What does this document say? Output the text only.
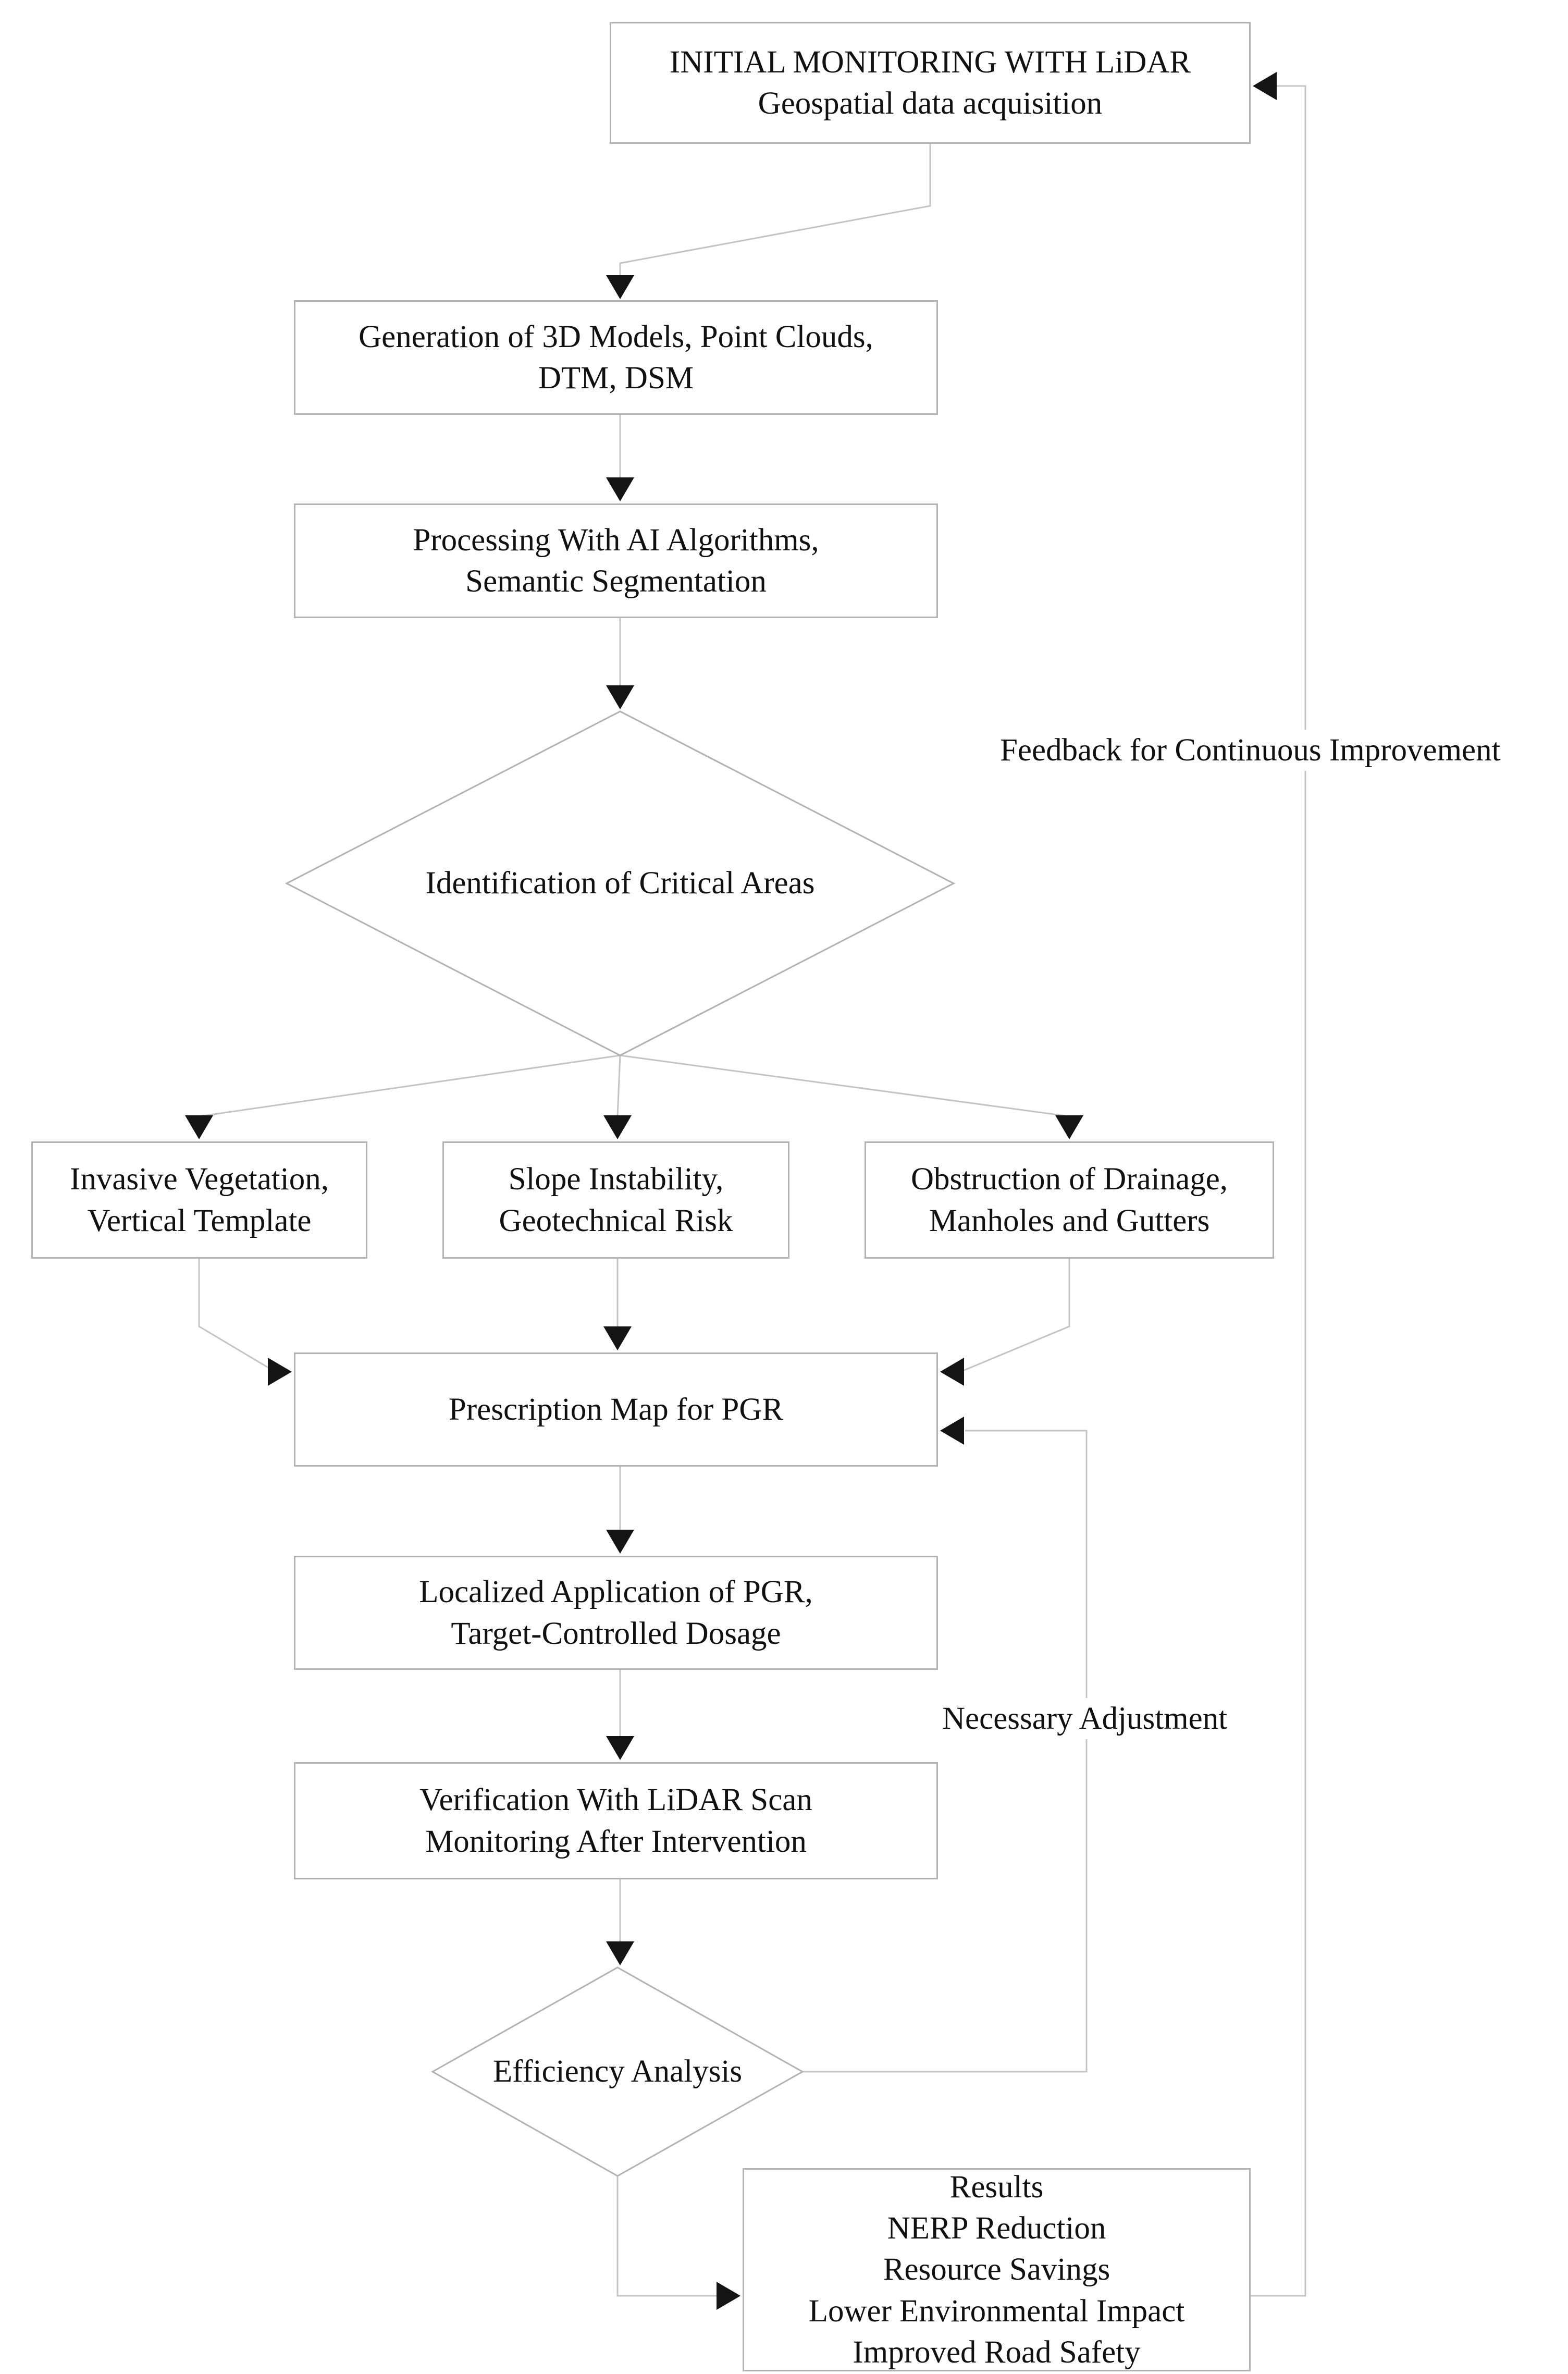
INITIAL MONITORING WITH LiDAR
Geospatial data acquisition
Generation of 3D Models, Point Clouds,
DTM, DSM
Processing With AI Algorithms,
Semantic Segmentation
Identification of Critical Areas
Invasive Vegetation,
Vertical Template
Slope Instability,
Geotechnical Risk
Obstruction of Drainage,
Manholes and Gutters
Prescription Map for PGR
Localized Application of PGR,
Target-Controlled Dosage
Verification With LiDAR Scan
Monitoring After Intervention
Efficiency Analysis
Results
NERP Reduction
Resource Savings
Lower Environmental Impact
Improved Road Safety
Feedback for Continuous Improvement
Necessary Adjustment
